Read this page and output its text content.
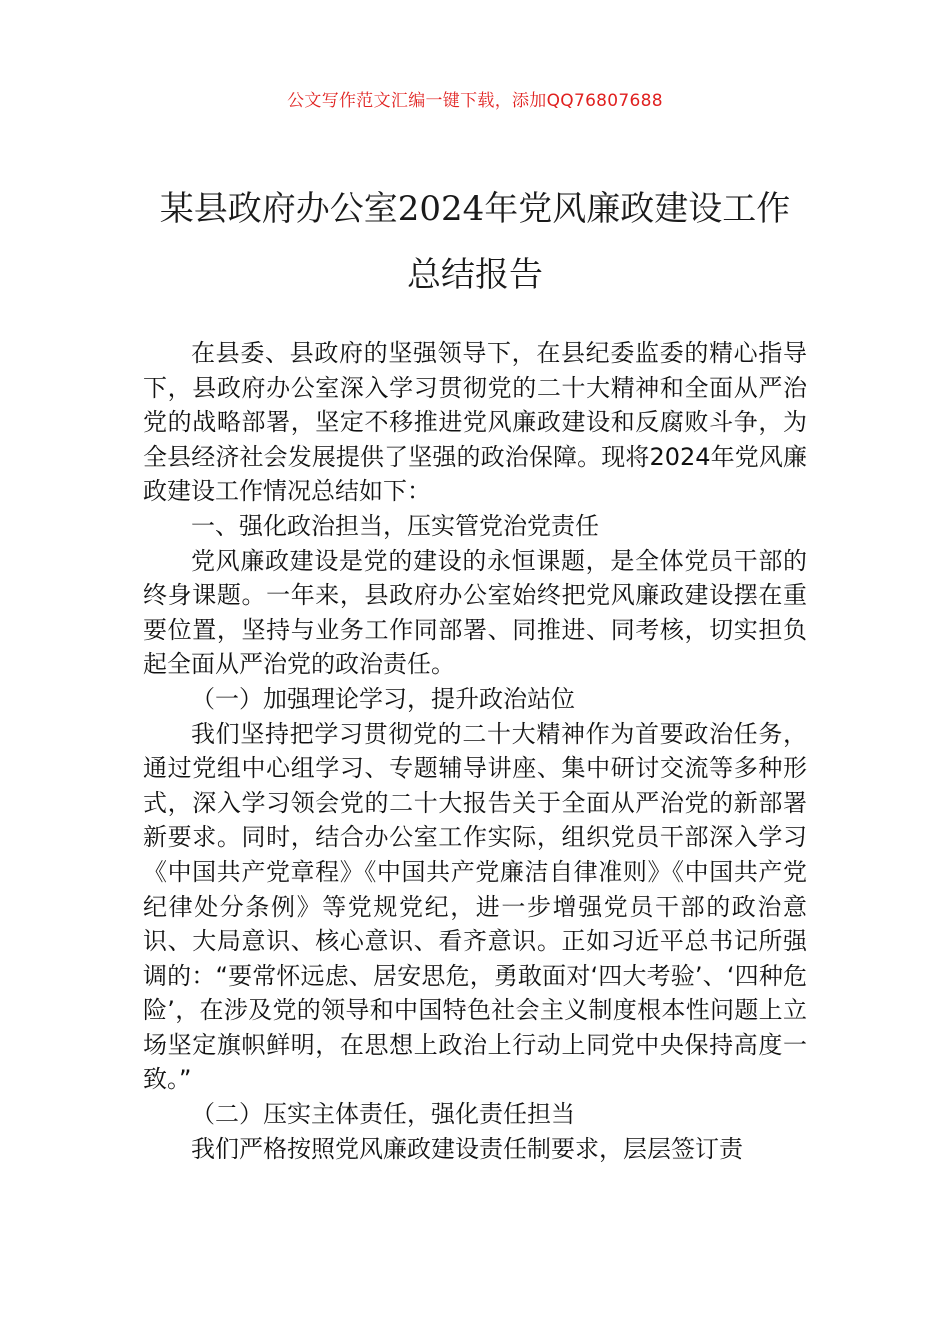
公文写作范文汇编一键下载，添加QQ76807688
某县政府办公室2024年党风廉政建设工作
总结报告

在县委、县政府的坚强领导下，在县纪委监委的精心指导下，县政府办公室深入学习贯彻党的二十大精神和全面从严治党的战略部署，坚定不移推进党风廉政建设和反腐败斗争，为全县经济社会发展提供了坚强的政治保障。现将2024年党风廉政建设工作情况总结如下：

一、强化政治担当，压实管党治党责任

党风廉政建设是党的建设的永恒课题，是全体党员干部的终身课题。一年来，县政府办公室始终把党风廉政建设摆在重要位置，坚持与业务工作同部署、同推进、同考核，切实担负起全面从严治党的政治责任。

（一）加强理论学习，提升政治站位

我们坚持把学习贯彻党的二十大精神作为首要政治任务，通过党组中心组学习、专题辅导讲座、集中研讨交流等多种形式，深入学习领会党的二十大报告关于全面从严治党的新部署新要求。同时，结合办公室工作实际，组织党员干部深入学习《中国共产党章程》《中国共产党廉洁自律准则》《中国共产党纪律处分条例》等党规党纪，进一步增强党员干部的政治意识、大局意识、核心意识、看齐意识。正如习近平总书记所强调的：“要常怀远虑、居安思危，勇敢面对‘四大考验’、‘四种危险’，在涉及党的领导和中国特色社会主义制度根本性问题上立场坚定旗帜鲜明，在思想上政治上行动上同党中央保持高度一致。”

（二）压实主体责任，强化责任担当

我们严格按照党风廉政建设责任制要求，层层签订责
